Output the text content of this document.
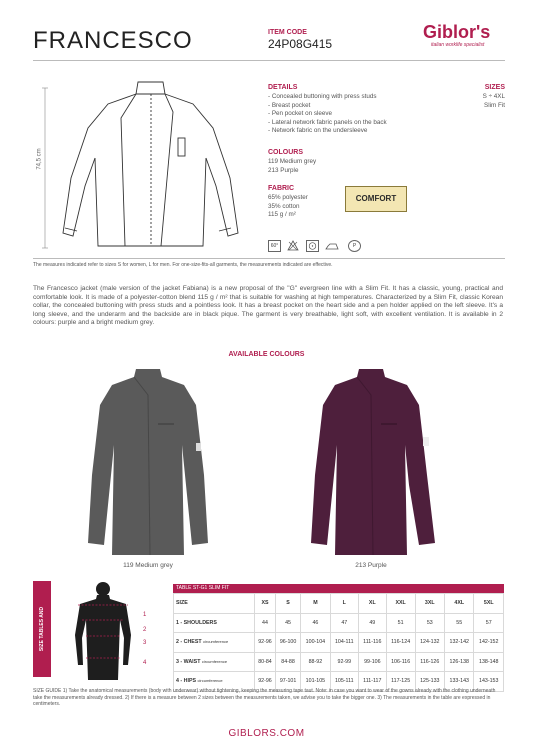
FRANCESCO	ITEM CODE
24P08G415
Giblor's
italian worklife specialist
74,5 cm
DETAILS
- Concealed buttoning with press studs
- Breast pocket
- Pen pocket on sleeve
- Lateral network fabric panels on the back
- Network fabric on the undersleeve
SIZES
S ÷ 4XL
Slim Fit
COLOURS
119 Medium grey
213 Purple
FABRIC
65% polyester
35% cotton
115 g / m²
COMFORT
60°	P
The measures indicated refer to sizes S for women, L for men. For one-size-fits-all garments, the measurements indicated are effective.
The Francesco jacket (male version of the jacket Fabiana) is a new proposal of the "G" evergreen line with a Slim Fit. It has a classic, young, practical and comfortable look. It is made of a polyester-cotton blend 115 g / m² that is suitable for washing at high temperatures. Characterized by a Slim Fit, classic Korean collar, the concealed buttoning with press studs and a pointless look. It has a breast pocket on the heart side and a pen holder applied on the left sleeve. It's a long sleeve, and the underarm and the backside are in black pique. The garment is very breathable, light soft, with excellent ventilation. It is available in 2 colours: purple and a bright medium grey.
AVAILABLE COLOURS
119 Medium grey	213 Purple
SIZE TABLES AND CORRESPONDENCES	1
2
3
4
TABLE ST-G1 SLIM FIT
SIZE	XS	S	M	L	XL	XXL	3XL	4XL	5XL
1 - SHOULDERS	44	45	46	47	49	51	53	55	57
2 - CHEST circumference	92-96	96-100	100-104	104-111	111-116	116-124	124-132	132-142	142-152
3 - WAIST circumference	80-84	84-88	88-92	92-99	99-106	106-116	116-126	126-138	138-148
4 - HIPS circumference	92-96	97-101	101-105	105-111	111-117	117-125	125-133	133-143	143-153
SIZE GUIDE 1) Take the anatomical measurements (body with underwear) without tightening, keeping the measuring tape taut. Note: in case you want to wear of the gowns already with the clothing underneath take the measurements already dressed. 2) If there is a measure between 2 sizes between the measurements taken, we advise you to take the bigger one. 3) The measurements in the table are expressed in centimeters.
GIBLORS.COM
